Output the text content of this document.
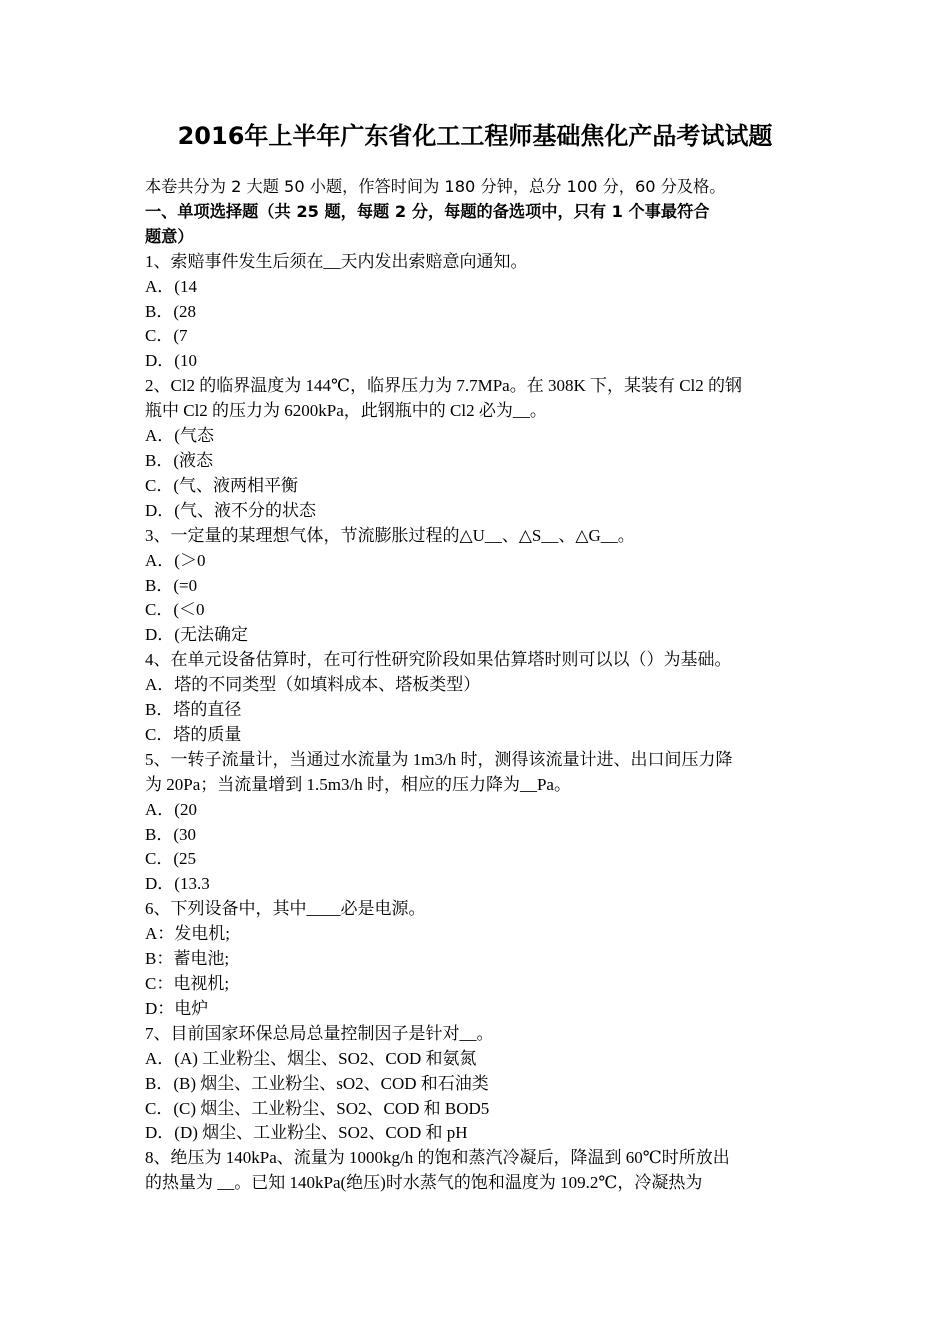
2016年上半年广东省化工工程师基础焦化产品考试试题
本卷共分为 2 大题 50 小题，作答时间为 180 分钟，总分 100 分，60 分及格。
一、单项选择题（共 25 题，每题 2 分，每题的备选项中，只有 1 个事最符合
题意）
1、索赔事件发生后须在__天内发出索赔意向通知。
A．(14
B．(28
C．(7
D．(10
2、Cl2 的临界温度为 144℃，临界压力为 7.7MPa。在 308K 下，某装有 Cl2 的钢
瓶中 Cl2 的压力为 6200kPa，此钢瓶中的 Cl2 必为__。
A．(气态
B．(液态
C．(气、液两相平衡
D．(气、液不分的状态
3、一定量的某理想气体，节流膨胀过程的△U__、△S__、△G__。
A．(＞0
B．(=0
C．(＜0
D．(无法确定
4、在单元设备估算时，在可行性研究阶段如果估算塔时则可以以（）为基础。
A．塔的不同类型（如填料成本、塔板类型）
B．塔的直径
C．塔的质量
5、一转子流量计，当通过水流量为 1m3/h 时，测得该流量计进、出口间压力降
为 20Pa；当流量增到 1.5m3/h 时，相应的压力降为__Pa。
A．(20
B．(30
C．(25
D．(13.3
6、下列设备中，其中____必是电源。
A：发电机;
B：蓄电池;
C：电视机;
D：电炉
7、目前国家环保总局总量控制因子是针对__。
A．(A) 工业粉尘、烟尘、SO2、COD 和氨氮
B．(B) 烟尘、工业粉尘、sO2、COD 和石油类
C．(C) 烟尘、工业粉尘、SO2、COD 和 BOD5
D．(D) 烟尘、工业粉尘、SO2、COD 和 pH
8、绝压为 140kPa、流量为 1000kg/h 的饱和蒸汽冷凝后，降温到 60℃时所放出
的热量为 __。已知 140kPa(绝压)时水蒸气的饱和温度为 109.2℃，冷凝热为
